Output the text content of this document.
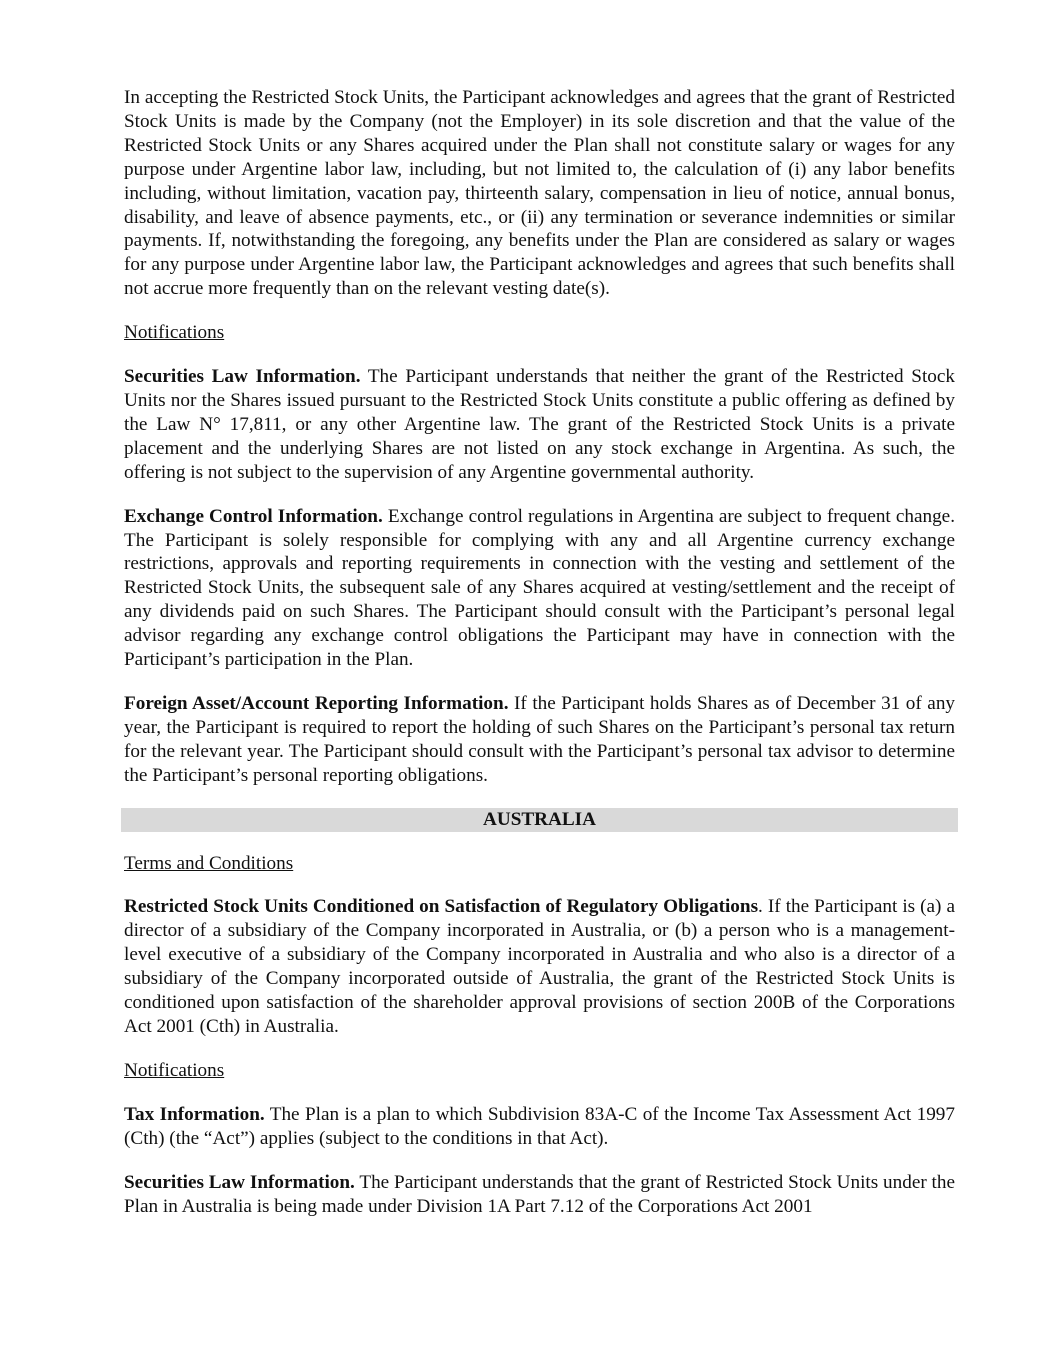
In accepting the Restricted Stock Units, the Participant acknowledges and agrees that the grant of Restricted Stock Units is made by the Company (not the Employer) in its sole discretion and that the value of the Restricted Stock Units or any Shares acquired under the Plan shall not constitute salary or wages for any purpose under Argentine labor law, including, but not limited to, the calculation of (i) any labor benefits including, without limitation, vacation pay, thirteenth salary, compensation in lieu of notice, annual bonus, disability, and leave of absence payments, etc., or (ii) any termination or severance indemnities or similar payments. If, notwithstanding the foregoing, any benefits under the Plan are considered as salary or wages for any purpose under Argentine labor law, the Participant acknowledges and agrees that such benefits shall not accrue more frequently than on the relevant vesting date(s).

Notifications

Securities Law Information. The Participant understands that neither the grant of the Restricted Stock Units nor the Shares issued pursuant to the Restricted Stock Units constitute a public offering as defined by the Law N° 17,811, or any other Argentine law. The grant of the Restricted Stock Units is a private placement and the underlying Shares are not listed on any stock exchange in Argentina. As such, the offering is not subject to the supervision of any Argentine governmental authority.

Exchange Control Information. Exchange control regulations in Argentina are subject to frequent change. The Participant is solely responsible for complying with any and all Argentine currency exchange restrictions, approvals and reporting requirements in connection with the vesting and settlement of the Restricted Stock Units, the subsequent sale of any Shares acquired at vesting/settlement and the receipt of any dividends paid on such Shares. The Participant should consult with the Participant’s personal legal advisor regarding any exchange control obligations the Participant may have in connection with the Participant’s participation in the Plan.

Foreign Asset/Account Reporting Information. If the Participant holds Shares as of December 31 of any year, the Participant is required to report the holding of such Shares on the Participant’s personal tax return for the relevant year. The Participant should consult with the Participant’s personal tax advisor to determine the Participant’s personal reporting obligations.

AUSTRALIA

Terms and Conditions

Restricted Stock Units Conditioned on Satisfaction of Regulatory Obligations. If the Participant is (a) a director of a subsidiary of the Company incorporated in Australia, or (b) a person who is a management-level executive of a subsidiary of the Company incorporated in Australia and who also is a director of a subsidiary of the Company incorporated outside of Australia, the grant of the Restricted Stock Units is conditioned upon satisfaction of the shareholder approval provisions of section 200B of the Corporations Act 2001 (Cth) in Australia.

Notifications

Tax Information. The Plan is a plan to which Subdivision 83A-C of the Income Tax Assessment Act 1997 (Cth) (the “Act”) applies (subject to the conditions in that Act).

Securities Law Information. The Participant understands that the grant of Restricted Stock Units under the Plan in Australia is being made under Division 1A Part 7.12 of the Corporations Act 2001
